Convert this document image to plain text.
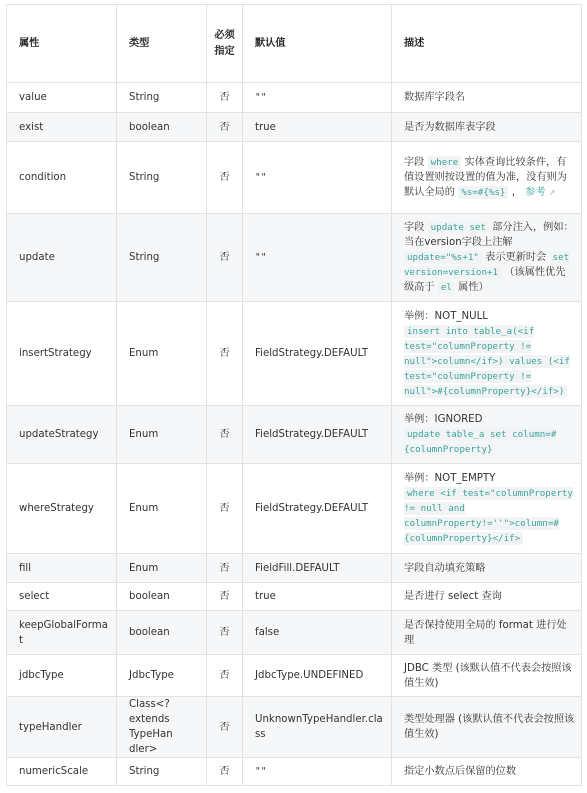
属性	类型	必须指定	默认值	描述
value	String	否	""	数据库字段名
exist	boolean	否	true	是否为数据库表字段
condition	String	否	""	字段 where 实体查询比较条件，有值设置则按设置的值为准，没有则为默认全局的 %s=#{%s} ， 参考 ↗
update	String	否	""	字段 update set 部分注入，例如：当在version字段上注解 update="%s+1" 表示更新时会 set version=version+1 （该属性优先级高于 el 属性）
insertStrategy	Enum	否	FieldStrategy.DEFAULT	举例：NOT_NULL
insert into table_a(<if test="columnProperty != null">column</if>) values (<if test="columnProperty != null">#{columnProperty}</if>)
updateStrategy	Enum	否	FieldStrategy.DEFAULT	举例：IGNORED
update table_a set column=#{columnProperty}
whereStrategy	Enum	否	FieldStrategy.DEFAULT	举例：NOT_EMPTY
where <if test="columnProperty != null and columnProperty!=''">column=#{columnProperty}</if>
fill	Enum	否	FieldFill.DEFAULT	字段自动填充策略
select	boolean	否	true	是否进行 select 查询
keepGlobalFormat	boolean	否	false	是否保持使用全局的 format 进行处理
jdbcType	JdbcType	否	JdbcType.UNDEFINED	JDBC 类型 (该默认值不代表会按照该值生效)
typeHandler	Class<? extends TypeHandler>	否	UnknownTypeHandler.class	类型处理器 (该默认值不代表会按照该值生效)
numericScale	String	否	""	指定小数点后保留的位数
